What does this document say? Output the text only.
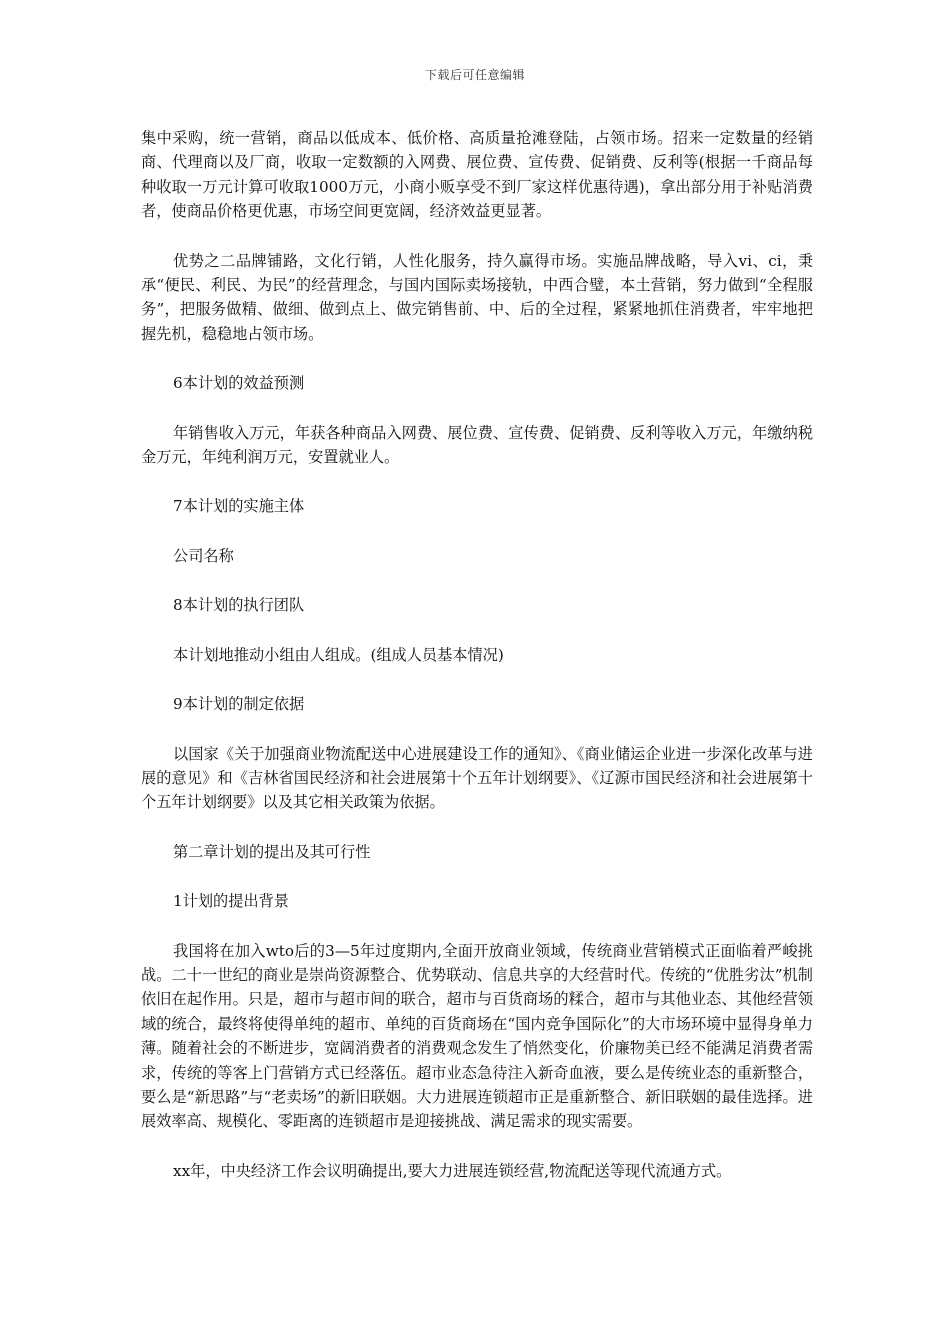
下载后可任意编辑

集中采购，统一营销，商品以低成本、低价格、高质量抢滩登陆，占领市场。招来一定数量的经销商、代理商以及厂商，收取一定数额的入网费、展位费、宣传费、促销费、反利等(根据一千商品每种收取一万元计算可收取1000万元，小商小贩享受不到厂家这样优惠待遇)，拿出部分用于补贴消费者，使商品价格更优惠，市场空间更宽阔，经济效益更显著。

优势之二品牌铺路，文化行销，人性化服务，持久赢得市场。实施品牌战略，导入vi、ci，秉承“便民、利民、为民”的经营理念，与国内国际卖场接轨，中西合璧，本土营销，努力做到“全程服务”，把服务做精、做细、做到点上、做完销售前、中、后的全过程，紧紧地抓住消费者，牢牢地把握先机，稳稳地占领市场。

6本计划的效益预测

年销售收入万元，年获各种商品入网费、展位费、宣传费、促销费、反利等收入万元，年缴纳税金万元，年纯利润万元，安置就业人。

7本计划的实施主体

公司名称

8本计划的执行团队

本计划地推动小组由人组成。(组成人员基本情况)

9本计划的制定依据

以国家《关于加强商业物流配送中心进展建设工作的通知》、《商业储运企业进一步深化改革与进展的意见》和《吉林省国民经济和社会进展第十个五年计划纲要》、《辽源市国民经济和社会进展第十个五年计划纲要》以及其它相关政策为依据。

第二章计划的提出及其可行性

1计划的提出背景

我国将在加入wto后的3—5年过度期内,全面开放商业领域，传统商业营销模式正面临着严峻挑战。二十一世纪的商业是崇尚资源整合、优势联动、信息共享的大经营时代。传统的“优胜劣汰”机制依旧在起作用。只是，超市与超市间的联合，超市与百货商场的糅合，超市与其他业态、其他经营领域的统合，最终将使得单纯的超市、单纯的百货商场在“国内竞争国际化”的大市场环境中显得身单力薄。随着社会的不断进步，宽阔消费者的消费观念发生了悄然变化，价廉物美已经不能满足消费者需求，传统的等客上门营销方式已经落伍。超市业态急待注入新奇血液，要么是传统业态的重新整合，要么是“新思路”与“老卖场”的新旧联姻。大力进展连锁超市正是重新整合、新旧联姻的最佳选择。进展效率高、规模化、零距离的连锁超市是迎接挑战、满足需求的现实需要。

xx年，中央经济工作会议明确提出,要大力进展连锁经营,物流配送等现代流通方式。
